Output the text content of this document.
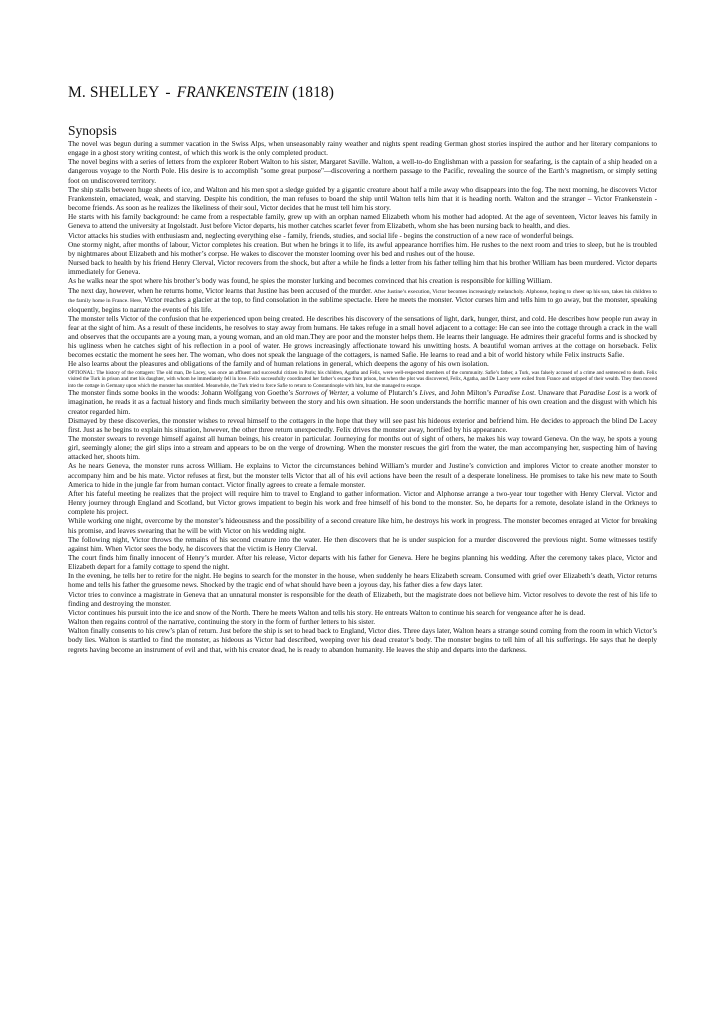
M. SHELLEY - FRANKENSTEIN (1818)
Synopsis

The novel was begun during a summer vacation in the Swiss Alps, when unseasonably rainy weather and nights spent reading German ghost stories inspired the author and her literary companions to engage in a ghost story writing contest, of which this work is the only completed product.

The novel begins with a series of letters from the explorer Robert Walton to his sister, Margaret Saville. Walton, a well-to-do Englishman with a passion for seafaring, is the captain of a ship headed on a dangerous voyage to the North Pole. His desire is to accomplish "some great purpose"—discovering a northern passage to the Pacific, revealing the source of the Earth’s magnetism, or simply setting foot on undiscovered territory.

The ship stalls between huge sheets of ice, and Walton and his men spot a sledge guided by a gigantic creature about half a mile away who disappears into the fog. The next morning, he discovers Victor Frankenstein, emaciated, weak, and starving. Despite his condition, the man refuses to board the ship until Walton tells him that it is heading north. Walton and the stranger – Victor Frankenstein - become friends. As soon as he realizes the likeliness of their soul, Victor decides that he must tell him his story.

He starts with his family background: he came from a respectable family, grew up with an orphan named Elizabeth whom his mother had adopted. At the age of seventeen, Victor leaves his family in Geneva to attend the university at Ingolstadt. Just before Victor departs, his mother catches scarlet fever from Elizabeth, whom she has been nursing back to health, and dies.

Victor attacks his studies with enthusiasm and, neglecting everything else - family, friends, studies, and social life - begins the construction of a new race of wonderful beings.

One stormy night, after months of labour, Victor completes his creation. But when he brings it to life, its awful appearance horrifies him. He rushes to the next room and tries to sleep, but he is troubled by nightmares about Elizabeth and his mother’s corpse. He wakes to discover the monster looming over his bed and rushes out of the house.

Nursed back to health by his friend Henry Clerval, Victor recovers from the shock, but after a while he finds a letter from his father telling him that his brother William has been murdered. Victor departs immediately for Geneva.

As he walks near the spot where his brother’s body was found, he spies the monster lurking and becomes convinced that his creation is responsible for killing William.

The next day, however, when he returns home, Victor learns that Justine has been accused of the murder. After Justine’s execution, Victor becomes increasingly melancholy. Alphonse, hoping to cheer up his son, takes his children to the family home in France. Here, Victor reaches a glacier at the top, to find consolation in the sublime spectacle. Here he meets the monster. Victor curses him and tells him to go away, but the monster, speaking eloquently, begins to narrate the events of his life.

The monster tells Victor of the confusion that he experienced upon being created. He describes his discovery of the sensations of light, dark, hunger, thirst, and cold. He describes how people run away in fear at the sight of him. As a result of these incidents, he resolves to stay away from humans. He takes refuge in a small hovel adjacent to a cottage: He can see into the cottage through a crack in the wall and observes that the occupants are a young man, a young woman, and an old man.They are poor and the monster helps them. He learns their language. He admires their graceful forms and is shocked by his ugliness when he catches sight of his reflection in a pool of water. He grows increasingly affectionate toward his unwitting hosts. A beautiful woman arrives at the cottage on horseback. Felix becomes ecstatic the moment he sees her. The woman, who does not speak the language of the cottagers, is named Safie. He learns to read and a bit of world history while Felix instructs Safie.

He also learns about the pleasures and obligations of the family and of human relations in general, which deepens the agony of his own isolation.

OPTIONAL: The history of the cottagers: The old man, De Lacey, was once an affluent and successful citizen in Paris; his children, Agatha and Felix, were well-respected members of the community. Safie’s father, a Turk, was falsely accused of a crime and sentenced to death. Felix visited the Turk in prison and met his daughter, with whom he immediately fell in love. Felix successfully coordinated her father’s escape from prison, but when the plot was discovered, Felix, Agatha, and De Lacey were exiled from France and stripped of their wealth. They then moved into the cottage in Germany upon which the monster has stumbled. Meanwhile, the Turk tried to force Safie to return to Constantinople with him, but she managed to escape.

The monster finds some books in the woods: Johann Wolfgang von Goethe’s Sorrows of Werter, a volume of Plutarch’s Lives, and John Milton’s Paradise Lost. Unaware that Paradise Lost is a work of imagination, he reads it as a factual history and finds much similarity between the story and his own situation. He soon understands the horrific manner of his own creation and the disgust with which his creator regarded him.

Dismayed by these discoveries, the monster wishes to reveal himself to the cottagers in the hope that they will see past his hideous exterior and befriend him. He decides to approach the blind De Lacey first. Just as he begins to explain his situation, however, the other three return unexpectedly. Felix drives the monster away, horrified by his appearance.

The monster swears to revenge himself against all human beings, his creator in particular. Journeying for months out of sight of others, he makes his way toward Geneva. On the way, he spots a young girl, seemingly alone; the girl slips into a stream and appears to be on the verge of drowning. When the monster rescues the girl from the water, the man accompanying her, suspecting him of having attacked her, shoots him.

As he nears Geneva, the monster runs across William. He explains to Victor the circumstances behind William’s murder and Justine’s conviction and implores Victor to create another monster to accompany him and be his mate. Victor refuses at first, but the monster tells Victor that all of his evil actions have been the result of a desperate loneliness. He promises to take his new mate to South America to hide in the jungle far from human contact. Victor finally agrees to create a female monster.

After his fateful meeting he realizes that the project will require him to travel to England to gather information. Victor and Alphonse arrange a two-year tour together with Henry Clerval. Victor and Henry journey through England and Scotland, but Victor grows impatient to begin his work and free himself of his bond to the monster. So, he departs for a remote, desolate island in the Orkneys to complete his project.

While working one night, overcome by the monster’s hideousness and the possibility of a second creature like him, he destroys his work in progress. The monster becomes enraged at Victor for breaking his promise, and leaves swearing that he will be with Victor on his wedding night.

The following night, Victor throws the remains of his second creature into the water. He then discovers that he is under suspicion for a murder discovered the previous night. Some witnesses testify against him. When Victor sees the body, he discovers that the victim is Henry Clerval.

The court finds him finally innocent of Henry’s murder. After his release, Victor departs with his father for Geneva. Here he begins planning his wedding. After the ceremony takes place, Victor and Elizabeth depart for a family cottage to spend the night.

In the evening, he tells her to retire for the night. He begins to search for the monster in the house, when suddenly he hears Elizabeth scream. Consumed with grief over Elizabeth’s death, Victor returns home and tells his father the gruesome news. Shocked by the tragic end of what should have been a joyous day, his father dies a few days later.

Victor tries to convince a magistrate in Geneva that an unnatural monster is responsible for the death of Elizabeth, but the magistrate does not believe him. Victor resolves to devote the rest of his life to finding and destroying the monster.

Victor continues his pursuit into the ice and snow of the North. There he meets Walton and tells his story. He entreats Walton to continue his search for vengeance after he is dead.

Walton then regains control of the narrative, continuing the story in the form of further letters to his sister.

Walton finally consents to his crew’s plan of return. Just before the ship is set to head back to England, Victor dies. Three days later, Walton hears a strange sound coming from the room in which Victor’s body lies. Walton is startled to find the monster, as hideous as Victor had described, weeping over his dead creator’s body. The monster begins to tell him of all his sufferings. He says that he deeply regrets having become an instrument of evil and that, with his creator dead, he is ready to abandon humanity. He leaves the ship and departs into the darkness.
